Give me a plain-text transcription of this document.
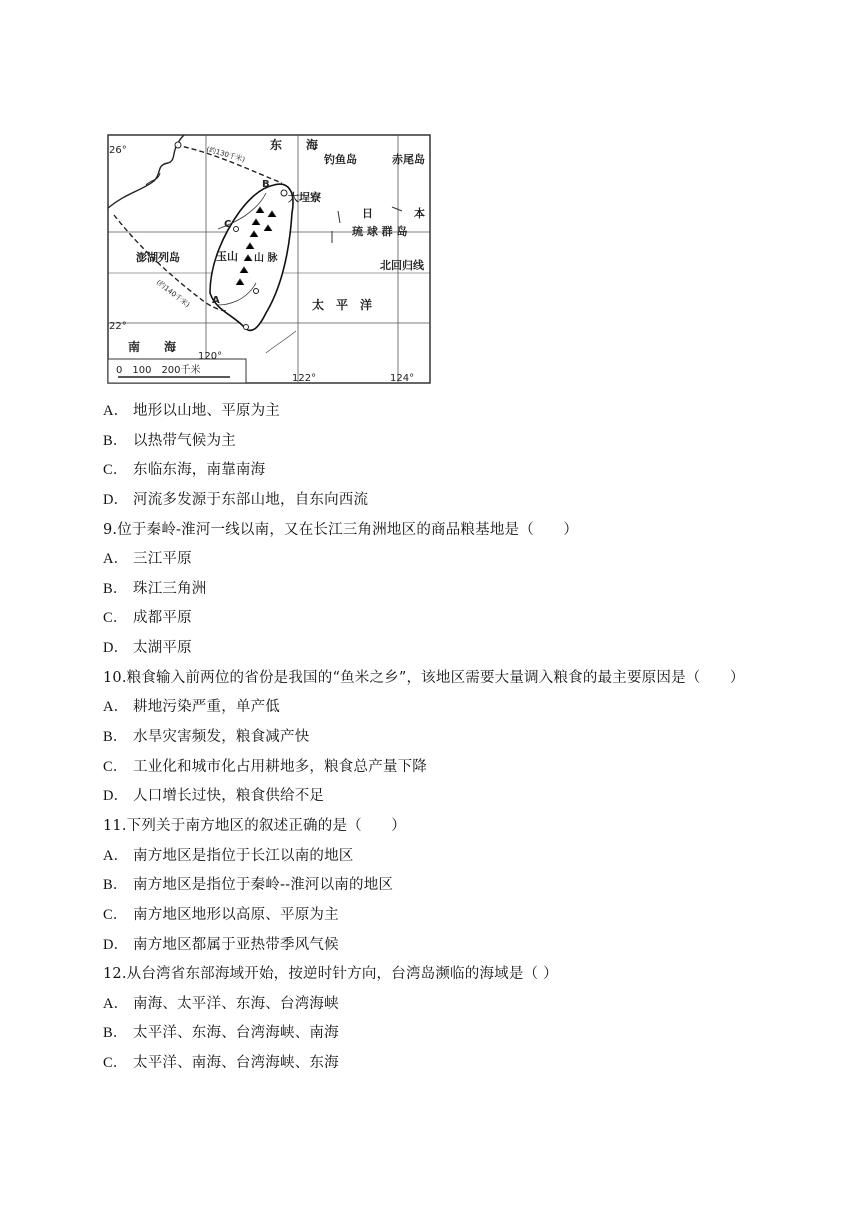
东　　海
钓鱼岛	赤尾岛
大埕寮
日	本
琉 球 群 岛
澎湖列岛	玉山 山 脉
北回归线
太　平　洋
南　　海
26°
22°
120°
122°	124°
0　100　200千米
A
B
C
(约130千米)
(约140千米)
A． 地形以山地、平原为主
B． 以热带气候为主
C． 东临东海，南靠南海
D． 河流多发源于东部山地，自东向西流
9.位于秦岭-淮河一线以南，又在长江三角洲地区的商品粮基地是（　　）
A． 三江平原
B． 珠江三角洲
C． 成都平原
D． 太湖平原
10.粮食输入前两位的省份是我国的“鱼米之乡”，该地区需要大量调入粮食的最主要原因是（　　）
A． 耕地污染严重，单产低
B． 水旱灾害频发，粮食减产快
C． 工业化和城市化占用耕地多，粮食总产量下降
D． 人口增长过快，粮食供给不足
11.下列关于南方地区的叙述正确的是（　　）
A． 南方地区是指位于长江以南的地区
B． 南方地区是指位于秦岭--淮河以南的地区
C． 南方地区地形以高原、平原为主
D． 南方地区都属于亚热带季风气候
12.从台湾省东部海域开始，按逆时针方向，台湾岛濒临的海域是（ ）
A． 南海、太平洋、东海、台湾海峡
B． 太平洋、东海、台湾海峡、南海
C． 太平洋、南海、台湾海峡、东海
